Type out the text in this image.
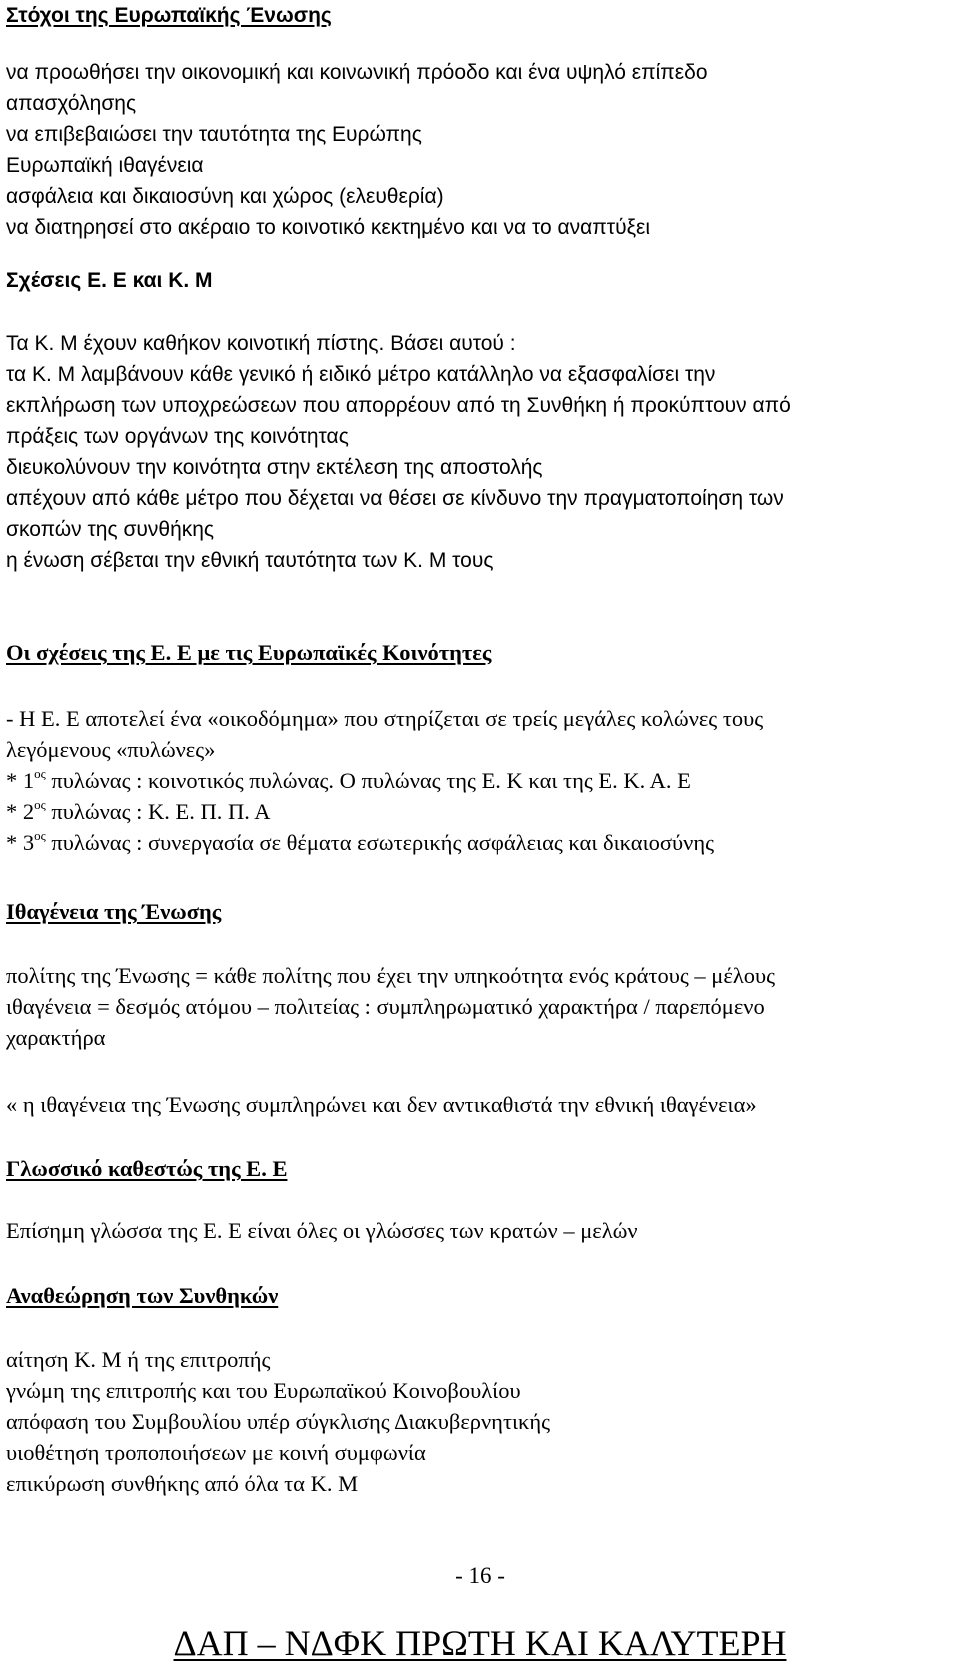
Στόχοι της Ευρωπαϊκής Ένωσης
να προωθήσει την οικονομική και κοινωνική πρόοδο και ένα υψηλό επίπεδο
απασχόλησης
να επιβεβαιώσει την ταυτότητα της Ευρώπης
Ευρωπαϊκή ιθαγένεια
ασφάλεια και δικαιοσύνη και χώρος (ελευθερία)
να διατηρησεί στο ακέραιο το κοινοτικό κεκτημένο και να το αναπτύξει
Σχέσεις Ε. Ε και Κ. Μ
Τα Κ. Μ έχουν καθήκον κοινοτική πίστης. Βάσει αυτού :
τα Κ. Μ λαμβάνουν κάθε γενικό ή ειδικό μέτρο κατάλληλο να εξασφαλίσει την
εκπλήρωση των υποχρεώσεων που απορρέουν από τη Συνθήκη ή προκύπτουν από
πράξεις των οργάνων της κοινότητας
διευκολύνουν την κοινότητα στην εκτέλεση της αποστολής
απέχουν από κάθε μέτρο που δέχεται να θέσει σε κίνδυνο την πραγματοποίηση των
σκοπών της συνθήκης
η ένωση σέβεται την εθνική ταυτότητα των Κ. Μ τους
Οι σχέσεις της Ε. Ε με τις Ευρωπαϊκές Κοινότητες
- Η Ε. Ε αποτελεί ένα «οικοδόμημα» που στηρίζεται σε τρείς μεγάλες κολώνες τους
λεγόμενους «πυλώνες»
* $1^{o\varsigma}$ πυλώνας : κοινοτικός πυλώνας. Ο πυλώνας της Ε. Κ και της Ε. Κ. Α. Ε
* $2^{o\varsigma}$ πυλώνας : Κ. Ε. Π. Π. Α
* $3^{o\varsigma}$ πυλώνας : συνεργασία σε θέματα εσωτερικής ασφάλειας και δικαιοσύνης
Ιθαγένεια της Ένωσης
πολίτης της Ένωσης = κάθε πολίτης που έχει την υπηκοότητα ενός κράτους – μέλους
ιθαγένεια = δεσμός ατόμου – πολιτείας : συμπληρωματικό χαρακτήρα / παρεπόμενο
χαρακτήρα
« η ιθαγένεια της Ένωσης συμπληρώνει και δεν αντικαθιστά την εθνική ιθαγένεια»
Γλωσσικό καθεστώς της Ε. Ε
Επίσημη γλώσσα της Ε. Ε είναι όλες οι γλώσσες των κρατών – μελών
Αναθεώρηση των Συνθηκών
αίτηση Κ. Μ ή της επιτροπής
γνώμη της επιτροπής και του Ευρωπαϊκού Κοινοβουλίου
απόφαση του Συμβουλίου υπέρ σύγκλισης Διακυβερνητικής
υιοθέτηση τροποποιήσεων με κοινή συμφωνία
επικύρωση συνθήκης από όλα τα Κ. Μ
- 16 -
ΔΑΠ – ΝΔΦΚ ΠΡΩΤΗ ΚΑΙ ΚΑΛΥΤΕΡΗ
